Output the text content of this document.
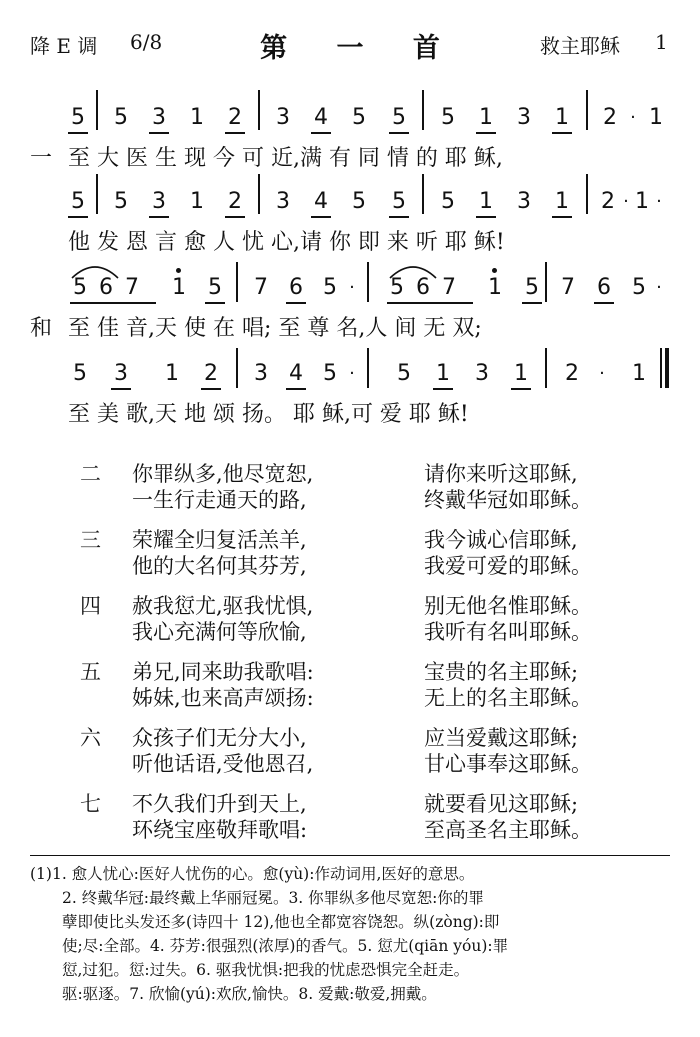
降 E 调 6/8	第 一 首	救主耶稣 1
5 5 3 1 2 3 4 5 5 5 1 3 1 2 · 1
一 至 大 医 生 现 今 可 近,满 有 同 情 的 耶 稣,
5 5 3 1 2 3 4 5 5 5 1 3 1 2 · 1 ·
他 发 恩 言 愈 人 忧 心,请 你 即 来 听 耶 稣!
5 6 7 1 5 7 6 5 ·	5 6 7 1 5 7 6 5 ·
和 至 佳 音,天 使 在 唱; 至 尊 名,人 间 无 双;
5 3 1 2 3 4 5 ·	5 1 3 1 2	·	1
至 美 歌,天 地 颂 扬。 耶 稣,可 爱 耶 稣!
二 你罪纵多,他尽宽恕,	请你来听这耶稣,
一生行走通天的路,	终戴华冠如耶稣。
三 荣耀全归复活羔羊,	我今诚心信耶稣,
他的大名何其芬芳,	我爱可爱的耶稣。
四 赦我愆尤,驱我忧惧,	别无他名惟耶稣。
我心充满何等欣愉,	我听有名叫耶稣。
五 弟兄,同来助我歌唱:	宝贵的名主耶稣;
姊妹,也来高声颂扬:	无上的名主耶稣。
六 众孩子们无分大小,	应当爱戴这耶稣;
听他话语,受他恩召,	甘心事奉这耶稣。
七 不久我们升到天上,	就要看见这耶稣;
环绕宝座敬拜歌唱:	至高圣名主耶稣。
(1)1. 愈人忧心:医好人忧伤的心。愈(yù):作动词用,医好的意思。
2. 终戴华冠:最终戴上华丽冠冕。3. 你罪纵多他尽宽恕:你的罪
孽即使比头发还多(诗四十 12),他也全都宽容饶恕。纵(zòng):即
使;尽:全部。4. 芬芳:很强烈(浓厚)的香气。5. 愆尤(qiān yóu):罪
愆,过犯。愆:过失。6. 驱我忧惧:把我的忧虑恐惧完全赶走。
驱:驱逐。7. 欣愉(yú):欢欣,愉快。8. 爱戴:敬爱,拥戴。
